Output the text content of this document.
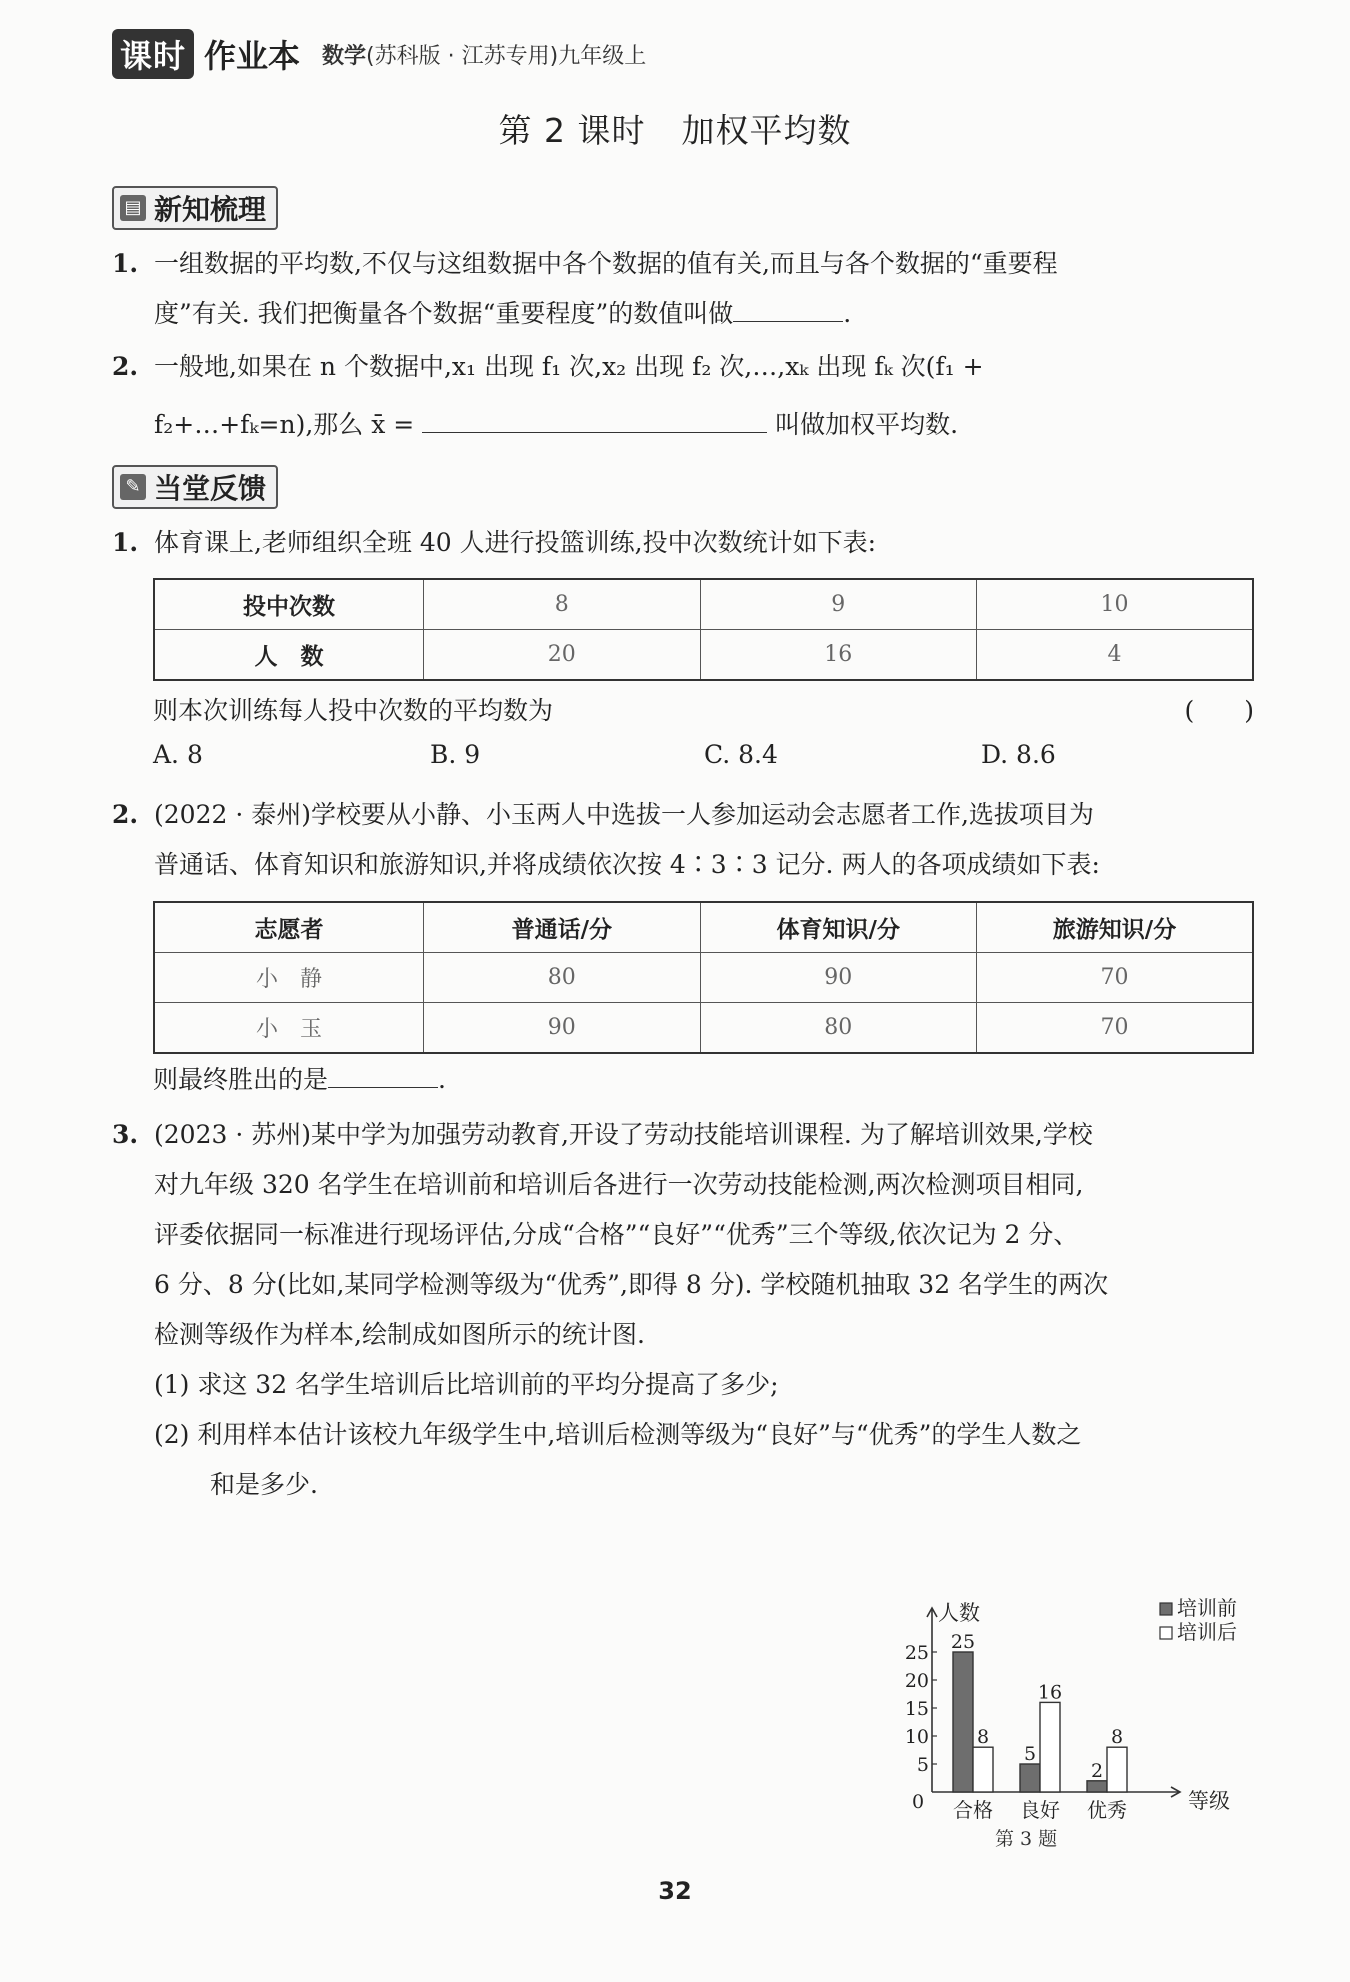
课时 作业本 数学(苏科版 · 江苏专用)九年级上
第 2 课时 加权平均数
▤ 新知梳理
1. 一组数据的平均数,不仅与这组数据中各个数据的值有关,而且与各个数据的“重要程
度”有关. 我们把衡量各个数据“重要程度”的数值叫做	.
2. 一般地,如果在 n 个数据中,x₁ 出现 f₁ 次,x₂ 出现 f₂ 次,…,xₖ 出现 fₖ 次(f₁ +
f₂+…+fₖ=n),那么 x̄ =	叫做加权平均数.
✎ 当堂反馈
1. 体育课上,老师组织全班 40 人进行投篮训练,投中次数统计如下表:
投中次数	8	9	10
人　数	20	16	4
则本次训练每人投中次数的平均数为	(　　)
A. 8	B. 9	C. 8.4	D. 8.6
2. (2022 · 泰州)学校要从小静、小玉两人中选拔一人参加运动会志愿者工作,选拔项目为
普通话、体育知识和旅游知识,并将成绩依次按 4∶3∶3 记分. 两人的各项成绩如下表:
志愿者	普通话/分	体育知识/分	旅游知识/分
小　静	80	90	70
小　玉	90	80	70
则最终胜出的是	.
3. (2023 · 苏州)某中学为加强劳动教育,开设了劳动技能培训课程. 为了解培训效果,学校
对九年级 320 名学生在培训前和培训后各进行一次劳动技能检测,两次检测项目相同,
评委依据同一标准进行现场评估,分成“合格”“良好”“优秀”三个等级,依次记为 2 分、
6 分、8 分(比如,某同学检测等级为“优秀”,即得 8 分). 学校随机抽取 32 名学生的两次
检测等级作为样本,绘制成如图所示的统计图.
(1) 求这 32 名学生培训后比培训前的平均分提高了多少;
(2) 利用样本估计该校九年级学生中,培训后检测等级为“良好”与“优秀”的学生人数之
和是多少.
人数
等级
0
5
10
15
20
25 25
8
合格
5
16
良好
2
8
优秀
培训前
培训后
第 3 题
32
